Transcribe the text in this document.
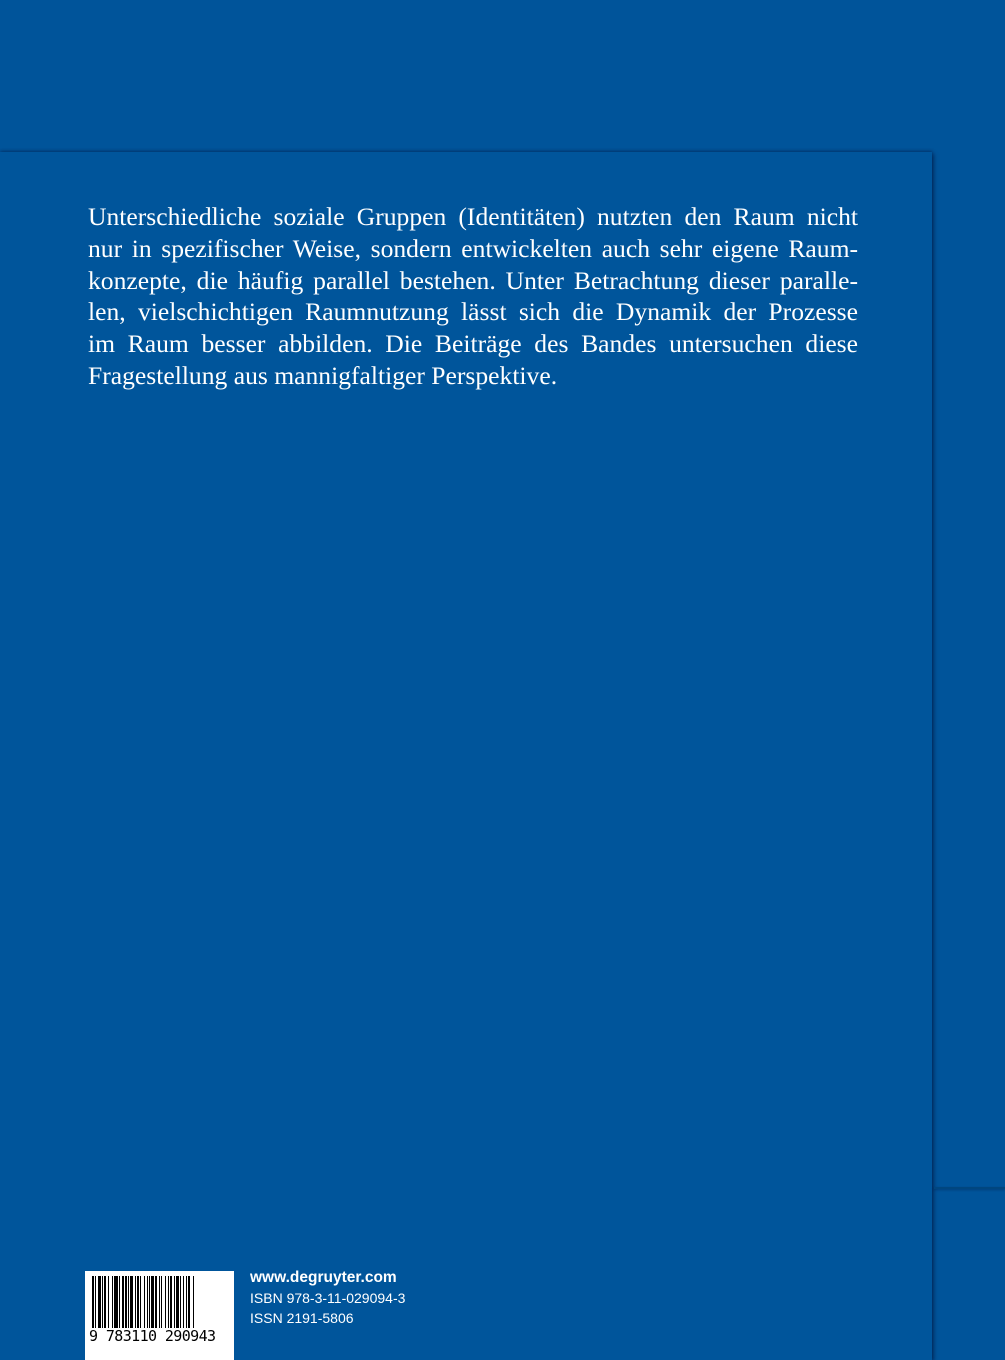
Unterschiedliche soziale Gruppen (Identitäten) nutzten den Raum nicht
nur in spezifischer Weise, sondern entwickelten auch sehr eigene Raum-
konzepte, die häufig parallel bestehen. Unter Betrachtung dieser paralle-
len, vielschichtigen Raumnutzung lässt sich die Dynamik der Prozesse
im Raum besser abbilden. Die Beiträge des Bandes untersuchen diese
Fragestellung aus mannigfaltiger Perspektive.
9 783110 290943
www.degruyter.com
ISBN 978-3-11-029094-3
ISSN 2191-5806
